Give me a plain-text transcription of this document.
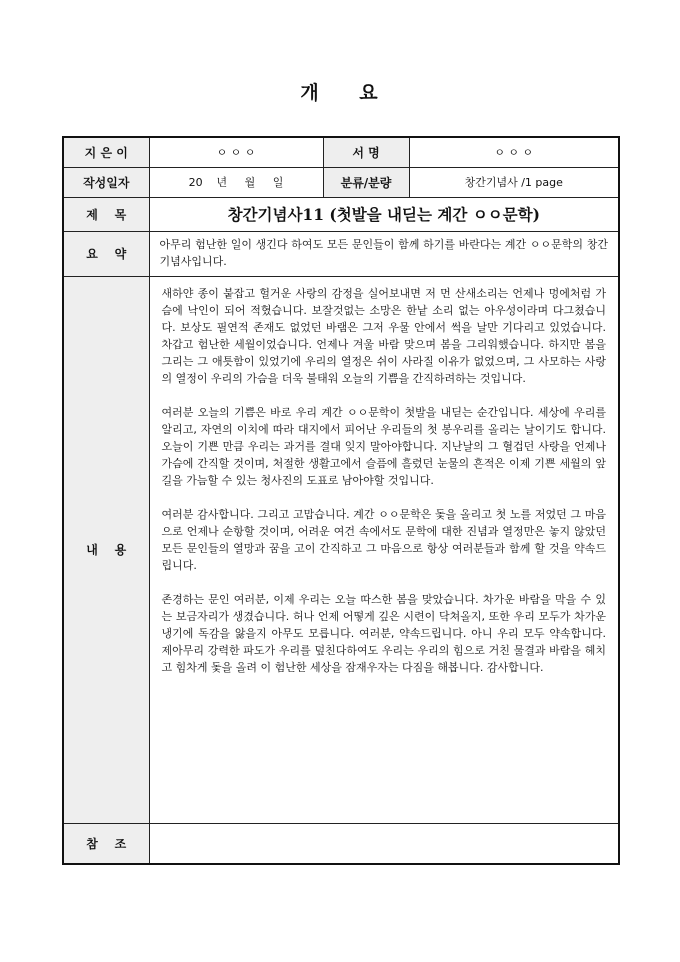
개 요
지 은 이	ㅇ ㅇ ㅇ	서 명	ㅇ ㅇ ㅇ
작성일자	20    년     월     일	분류/분량	창간기념사 /1 page
제    목	창간기념사11 (첫발을 내딛는 계간 ㅇㅇ문학)		
요    약	아무리 험난한 일이 생긴다 하여도 모든 문인들이 함께 하기를 바란다는 계간 ㅇㅇ문학의 창간기념사입니다.		
내    용	새하얀 종이 붙잡고 헐거운 사랑의 감정을 실어보내면 저 먼 산새소리는 언제나 멍에처럼 가슴에 낙인이 되어 적혔습니다. 보잘것없는 소망은 한낱 소리 없는 아우성이라며 다그쳤습니다. 보상도 필연적 존재도 없었던 바램은 그저 우물 안에서 썩을 날만 기다리고 있었습니다. 차갑고 험난한 세월이었습니다. 언제나 겨울 바람 맞으며 봄을 그리워했습니다. 하지만 봄을 그리는 그 애틋함이 있었기에 우리의 열정은 쉬이 사라질 이유가 없었으며, 그 사모하는 사랑의 열정이 우리의 가슴을 더욱 불태워 오늘의 기쁨을 간직하려하는 것입니다.

여러분 오늘의 기쁨은 바로 우리 계간 ㅇㅇ문학이 첫발을 내딛는 순간입니다. 세상에 우리를 알리고, 자연의 이치에 따라 대지에서 피어난 우리들의 첫 봉우리를 올리는 날이기도 합니다. 오늘이 기쁜 만큼 우리는 과거를 결대 잊지 말아야합니다. 지난날의 그 혈겁던 사랑을 언제나 가슴에 간직할 것이며, 처절한 생활고에서 슬픔에 흘렸던 눈물의 흔적은 이제 기쁜 세월의 앞길을 가늠할 수 있는 청사진의 도표로 남아야할 것입니다.

여러분 감사합니다. 그리고 고맙습니다. 계간 ㅇㅇ문학은 돛을 올리고 첫 노를 저었던 그 마음으로 언제나 순항할 것이며, 어려운 여건 속에서도 문학에 대한 진념과 열정만은 놓지 않았던 모든 문인들의 열망과 꿈을 고이 간직하고 그 마음으로 항상 여러분들과 함께 할 것을 약속드립니다.

존경하는 문인 여러분, 이제 우리는 오늘 따스한 봄을 맞았습니다. 차가운 바람을 막을 수 있는 보금자리가 생겼습니다. 허나 언제 어떻게 깊은 시련이 닥쳐올지, 또한 우리 모두가 차가운 냉기에 독감을 앓을지 아무도 모릅니다. 여러분, 약속드립니다. 아니 우리 모두 약속합니다. 제아무리 강력한 파도가 우리를 덮친다하여도 우리는 우리의 힘으로 거친 물결과 바람을 헤치고 힘차게 돛을 올려 이 험난한 세상을 잠재우자는 다짐을 해봅니다. 감사합니다.		

참    조			
